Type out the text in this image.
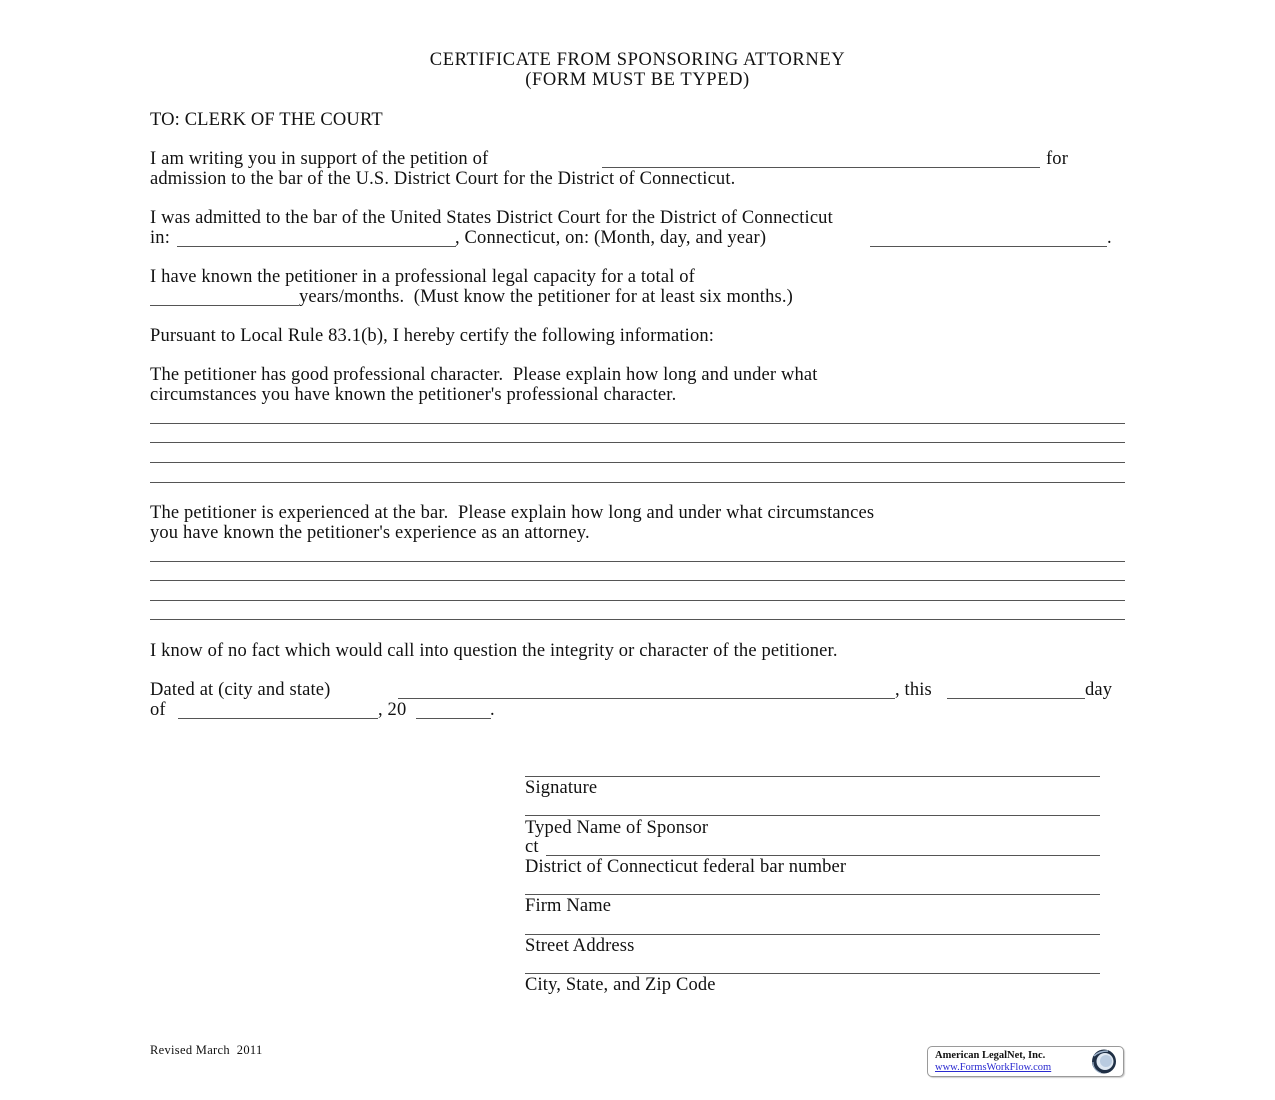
CERTIFICATE FROM SPONSORING ATTORNEY
(FORM MUST BE TYPED)
TO: CLERK OF THE COURT
I am writing you in support of the petition of	for
admission to the bar of the U.S. District Court for the District of Connecticut.
I was admitted to the bar of the United States District Court for the District of Connecticut
in:	, Connecticut, on: (Month, day, and year)	.
I have known the petitioner in a professional legal capacity for a total of
years/months.  (Must know the petitioner for at least six months.)
Pursuant to Local Rule 83.1(b), I hereby certify the following information:
The petitioner has good professional character.  Please explain how long and under what
circumstances you have known the petitioner's professional character.
The petitioner is experienced at the bar.  Please explain how long and under what circumstances
you have known the petitioner's experience as an attorney.
I know of no fact which would call into question the integrity or character of the petitioner.
Dated at (city and state)	, this	day
of	, 20	.
Signature
Typed Name of Sponsor
ct
District of Connecticut federal bar number
Firm Name
Street Address
City, State, and Zip Code
Revised March  2011	American LegalNet, Inc.
www.FormsWorkFlow.com
